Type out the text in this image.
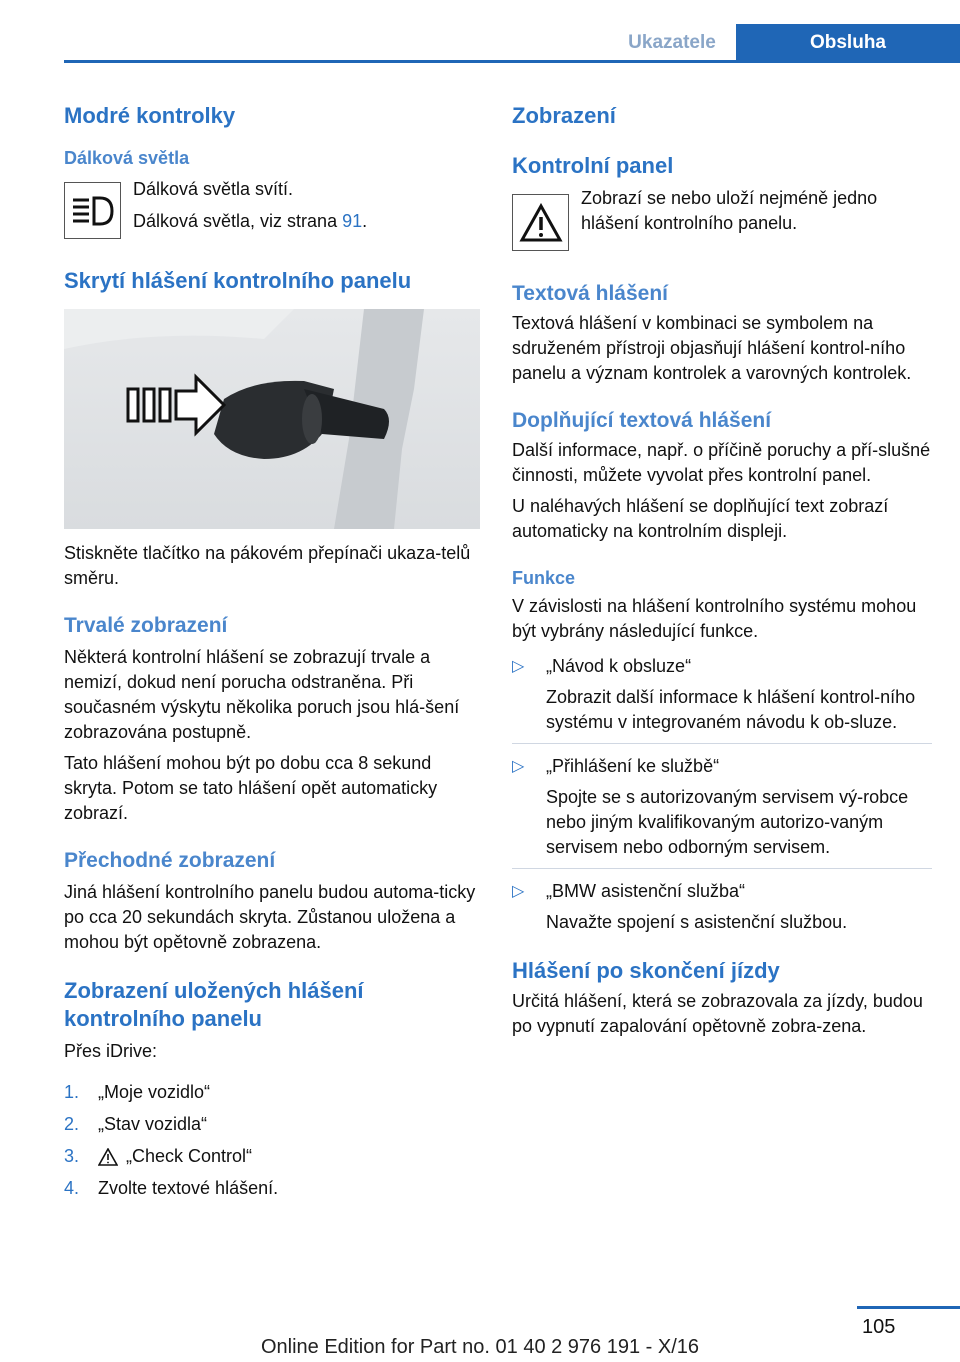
Ukazatele	Obsluha
Modré kontrolky
Dálková světla

Dálková světla svítí.

Dálková světla, viz strana 91.

Skrytí hlášení kontrolního panelu

Stiskněte tlačítko na pákovém přepínači ukaza‐telů směru.

Trvalé zobrazení

Některá kontrolní hlášení se zobrazují trvale a nemizí, dokud není porucha odstraněna. Při současném výskytu několika poruch jsou hlá‐šení zobrazována postupně.

Tato hlášení mohou být po dobu cca 8 sekund skryta. Potom se tato hlášení opět automaticky zobrazí.

Přechodné zobrazení

Jiná hlášení kontrolního panelu budou automa‐ticky po cca 20 sekundách skryta. Zůstanou uložena a mohou být opětovně zobrazena.

Zobrazení uložených hlášení kontrolního panelu

Přes iDrive:

1.	„Moje vozidlo“
2.	„Stav vozidla“
3.	„Check Control“
4.	Zvolte textové hlášení.
Zobrazení
Kontrolní panel

Zobrazí se nebo uloží nejméně jedno hlášení kontrolního panelu.

Textová hlášení

Textová hlášení v kombinaci se symbolem na sdruženém přístroji objasňují hlášení kontrol‐ního panelu a význam kontrolek a varovných kontrolek.

Doplňující textová hlášení

Další informace, např. o příčině poruchy a pří‐slušné činnosti, můžete vyvolat přes kontrolní panel.

U naléhavých hlášení se doplňující text zobrazí automaticky na kontrolním displeji.

Funkce

V závislosti na hlášení kontrolního systému mohou být vybrány následující funkce.

▷	„Návod k obsluze“

Zobrazit další informace k hlášení kontrol‐ního systému v integrovaném návodu k ob‐sluze.

▷	„Přihlášení ke službě“

Spojte se s autorizovaným servisem vý‐robce nebo jiným kvalifikovaným autorizo‐vaným servisem nebo odborným servisem.

▷	„BMW asistenční služba“

Navažte spojení s asistenční službou.

Hlášení po skončení jízdy

Určitá hlášení, která se zobrazovala za jízdy, budou po vypnutí zapalování opětovně zobra‐zena.

105
Online Edition for Part no. 01 40 2 976 191 - X/16
